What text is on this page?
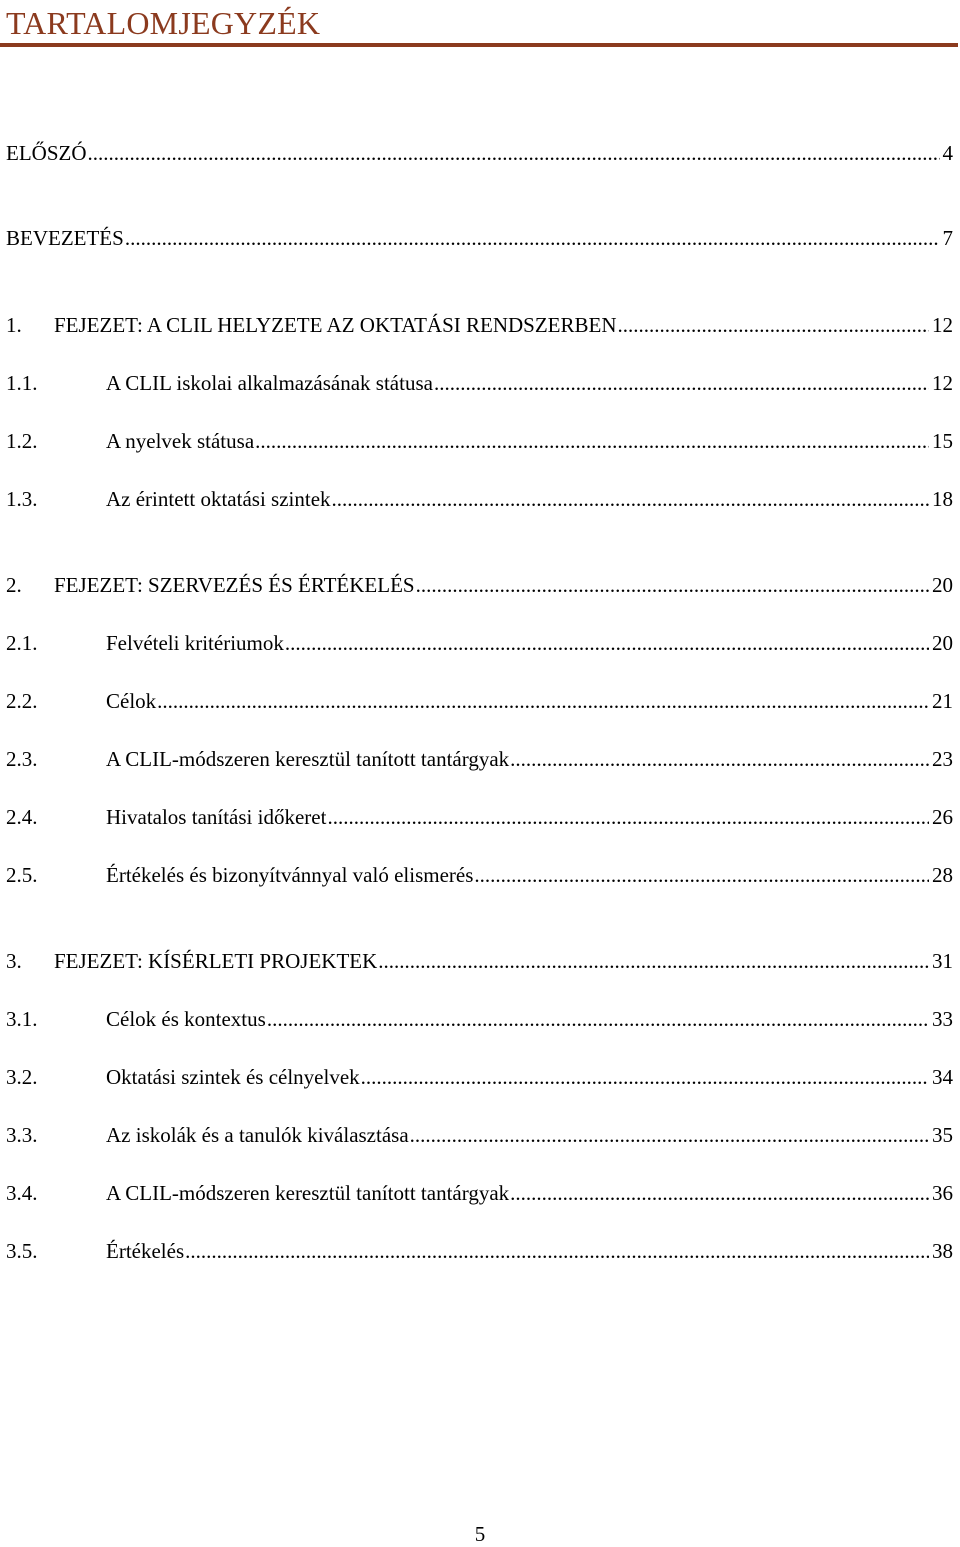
TARTALOMJEGYZÉK
ELŐSZÓ .....	4
BEVEZETÉS .....	7
1.	FEJEZET: A CLIL HELYZETE AZ OKTATÁSI RENDSZERBEN .....	12
1.1.	A CLIL iskolai alkalmazásának státusa .....	12
1.2.	A nyelvek státusa .....	15
1.3.	Az érintett oktatási szintek .....	18
2.	FEJEZET: SZERVEZÉS ÉS ÉRTÉKELÉS .....	20
2.1.	Felvételi kritériumok .....	20
2.2.	Célok .....	21
2.3.	A CLIL-módszeren keresztül tanított tantárgyak .....	23
2.4.	Hivatalos tanítási időkeret .....	26
2.5.	Értékelés és bizonyítvánnyal való elismerés .....	28
3.	FEJEZET: KÍSÉRLETI PROJEKTEK .....	31
3.1.	Célok és kontextus .....	33
3.2.	Oktatási szintek és célnyelvek .....	34
3.3.	Az iskolák és a tanulók kiválasztása .....	35
3.4.	A CLIL-módszeren keresztül tanított tantárgyak .....	36
3.5.	Értékelés .....	38
5
